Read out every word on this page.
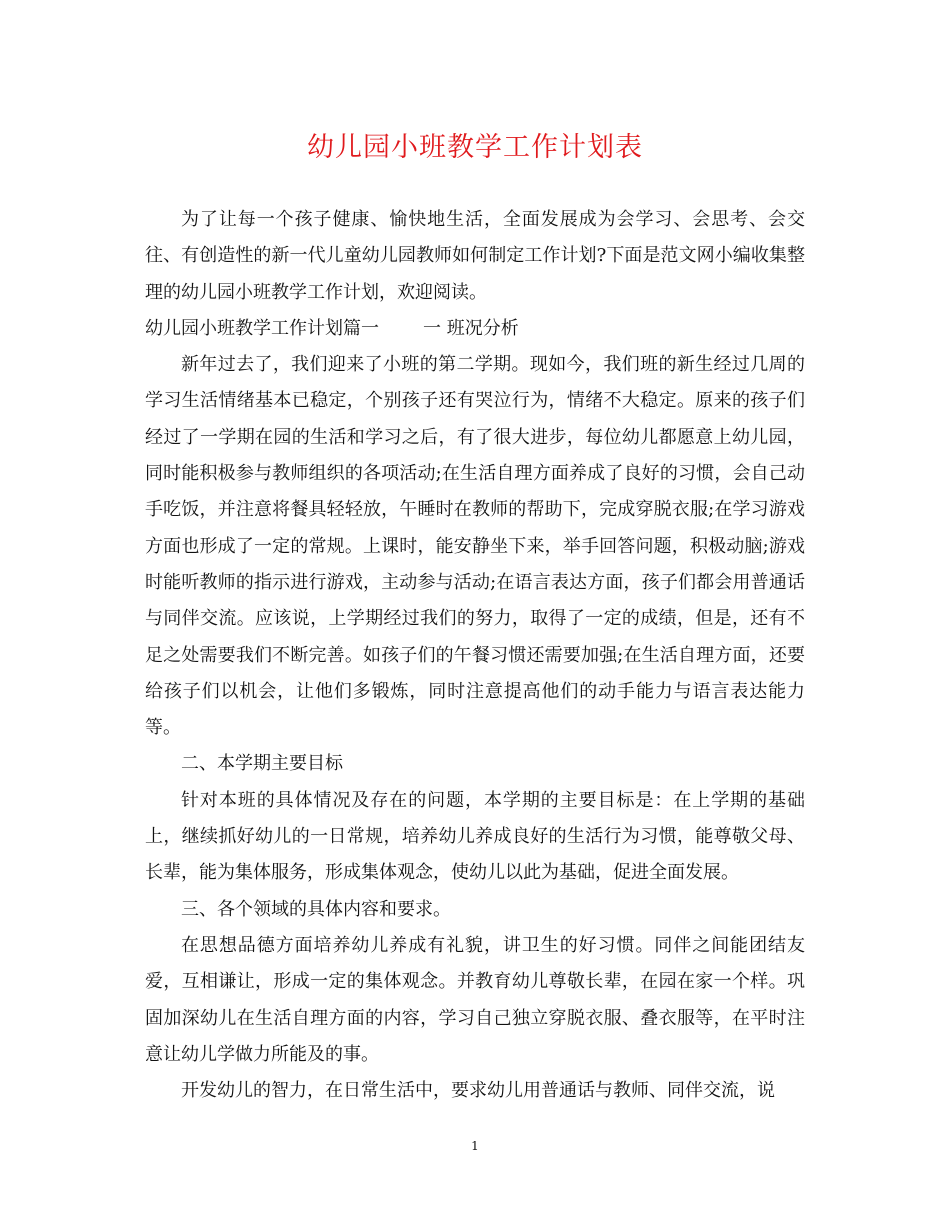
幼儿园小班教学工作计划表

为了让每一个孩子健康、愉快地生活，全面发展成为会学习、会思考、会交往、有创造性的新一代儿童幼儿园教师如何制定工作计划?下面是范文网小编收集整理的幼儿园小班教学工作计划，欢迎阅读。

幼儿园小班教学工作计划篇一 一 班况分析

新年过去了，我们迎来了小班的第二学期。现如今，我们班的新生经过几周的学习生活情绪基本已稳定，个别孩子还有哭泣行为，情绪不大稳定。原来的孩子们经过了一学期在园的生活和学习之后，有了很大进步，每位幼儿都愿意上幼儿园，同时能积极参与教师组织的各项活动;在生活自理方面养成了良好的习惯，会自己动手吃饭，并注意将餐具轻轻放，午睡时在教师的帮助下，完成穿脱衣服;在学习游戏方面也形成了一定的常规。上课时，能安静坐下来，举手回答问题，积极动脑;游戏时能听教师的指示进行游戏，主动参与活动;在语言表达方面，孩子们都会用普通话与同伴交流。应该说，上学期经过我们的努力，取得了一定的成绩，但是，还有不足之处需要我们不断完善。如孩子们的午餐习惯还需要加强;在生活自理方面，还要给孩子们以机会，让他们多锻炼，同时注意提高他们的动手能力与语言表达能力等。

二、本学期主要目标

针对本班的具体情况及存在的问题，本学期的主要目标是：在上学期的基础上，继续抓好幼儿的一日常规，培养幼儿养成良好的生活行为习惯，能尊敬父母、长辈，能为集体服务，形成集体观念，使幼儿以此为基础，促进全面发展。

三、各个领域的具体内容和要求。

在思想品德方面培养幼儿养成有礼貌，讲卫生的好习惯。同伴之间能团结友爱，互相谦让，形成一定的集体观念。并教育幼儿尊敬长辈，在园在家一个样。巩固加深幼儿在生活自理方面的内容，学习自己独立穿脱衣服、叠衣服等，在平时注意让幼儿学做力所能及的事。

开发幼儿的智力，在日常生活中，要求幼儿用普通话与教师、同伴交流，说

1
